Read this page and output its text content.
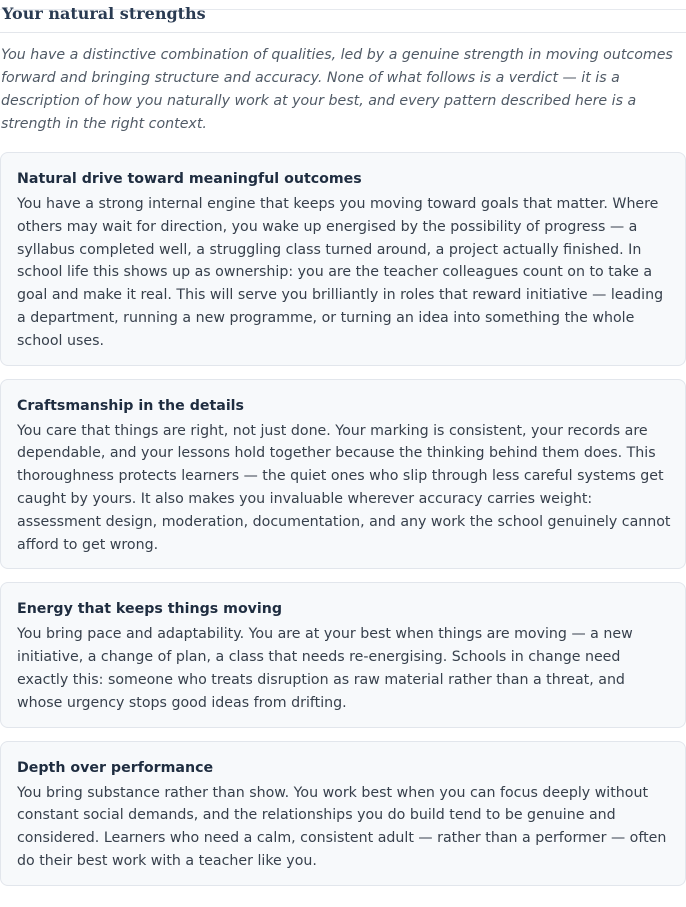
Your natural strengths

You have a distinctive combination of qualities, led by a genuine strength in moving outcomes forward and bringing structure and accuracy. None of what follows is a verdict — it is a description of how you naturally work at your best, and every pattern described here is a strength in the right context.

Natural drive toward meaningful outcomes

You have a strong internal engine that keeps you moving toward goals that matter. Where others may wait for direction, you wake up energised by the possibility of progress — a syllabus completed well, a struggling class turned around, a project actually finished. In school life this shows up as ownership: you are the teacher colleagues count on to take a goal and make it real. This will serve you brilliantly in roles that reward initiative — leading a department, running a new programme, or turning an idea into something the whole school uses.

Craftsmanship in the details

You care that things are right, not just done. Your marking is consistent, your records are dependable, and your lessons hold together because the thinking behind them does. This thoroughness protects learners — the quiet ones who slip through less careful systems get caught by yours. It also makes you invaluable wherever accuracy carries weight: assessment design, moderation, documentation, and any work the school genuinely cannot afford to get wrong.

Energy that keeps things moving

You bring pace and adaptability. You are at your best when things are moving — a new initiative, a change of plan, a class that needs re-energising. Schools in change need exactly this: someone who treats disruption as raw material rather than a threat, and whose urgency stops good ideas from drifting.

Depth over performance

You bring substance rather than show. You work best when you can focus deeply without constant social demands, and the relationships you do build tend to be genuine and considered. Learners who need a calm, consistent adult — rather than a performer — often do their best work with a teacher like you.
